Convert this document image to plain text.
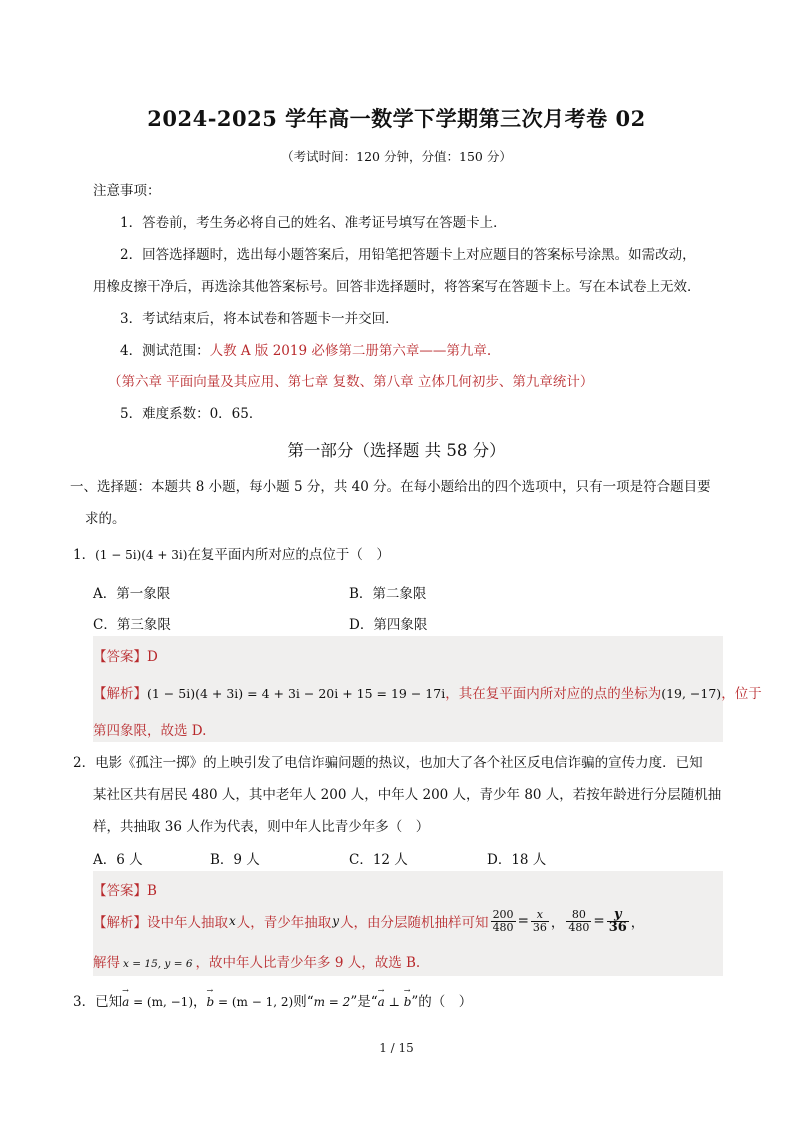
2024-2025 学年高一数学下学期第三次月考卷 02
（考试时间：120 分钟，分值：150 分）
注意事项：
1．答卷前，考生务必将自己的姓名、准考证号填写在答题卡上．
2．回答选择题时，选出每小题答案后，用铅笔把答题卡上对应题目的答案标号涂黑。如需改动，
用橡皮擦干净后，再选涂其他答案标号。回答非选择题时，将答案写在答题卡上。写在本试卷上无效．
3．考试结束后，将本试卷和答题卡一并交回．
4．测试范围：人教 A 版 2019 必修第二册第六章——第九章.
（第六章 平面向量及其应用、第七章 复数、第八章 立体几何初步、第九章统计）
5．难度系数：0．65．
第一部分（选择题 共 58 分）
一、选择题：本题共 8 小题，每小题 5 分，共 40 分。在每小题给出的四个选项中，只有一项是符合题目要
求的。
1．(1 − 5i)(4 + 3i)在复平面内所对应的点位于（　）
A．第一象限	B．第二象限
C．第三象限	D．第四象限
【答案】D
【解析】(1 − 5i)(4 + 3i) = 4 + 3i − 20i + 15 = 19 − 17i，其在复平面内所对应的点的坐标为(19, −17)，位于
第四象限，故选 D.
2．电影《孤注一掷》的上映引发了电信诈骗问题的热议，也加大了各个社区反电信诈骗的宣传力度．已知
某社区共有居民 480 人，其中老年人 200 人，中年人 200 人，青少年 80 人，若按年龄进行分层随机抽
样，共抽取 36 人作为代表，则中年人比青少年多（　）
A．6 人	B．9 人	C．12 人	D．18 人
【答案】B
【解析】 设中年人抽取 x 人，青少年抽取 y 人，由分层随机抽样可知 $\frac{200}{480} = \frac{x}{36}$ ， $\frac{80}{480} = \frac{y}{36}$ ，
解得 x = 15, y = 6 ，故中年人比青少年多 9 人，故选 B.
3．已知→ a = (m, −1)，→ b = (m − 1, 2)则“m = 2”是“→ a ⊥ → b”的（　）
1 / 15
